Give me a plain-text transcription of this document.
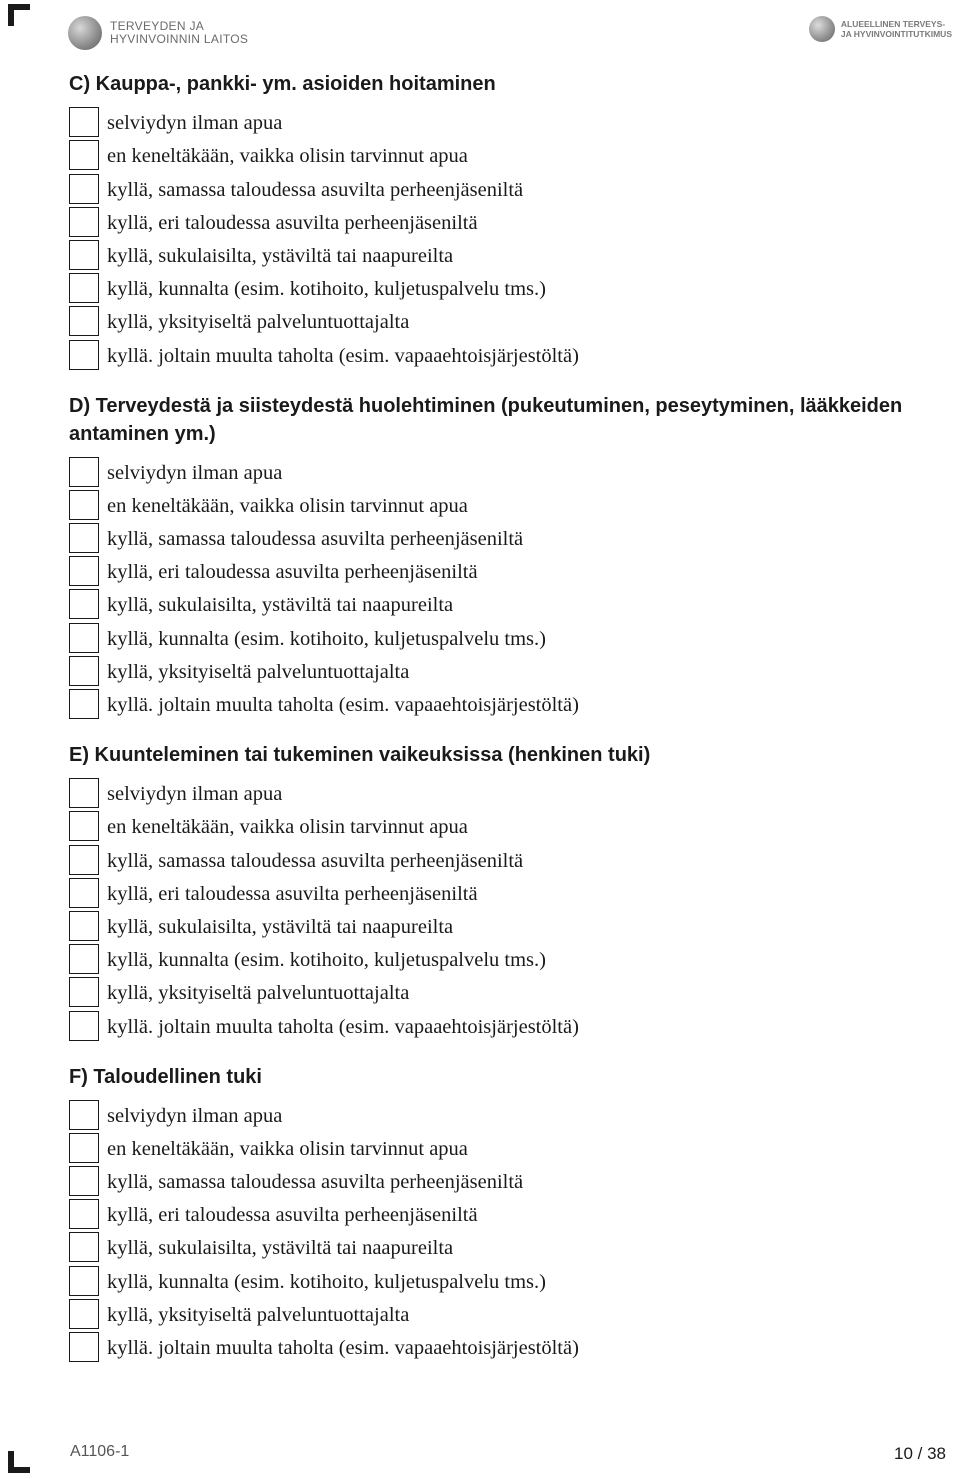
TERVEYDEN JA
HYVINVOINNIN LAITOS
ALUEELLINEN TERVEYS-
JA HYVINVOINTITUTKIMUS
C) Kauppa-, pankki- ym. asioiden hoitaminen
selviydyn ilman apua
en keneltäkään, vaikka olisin tarvinnut apua
kyllä, samassa taloudessa asuvilta perheenjäseniltä
kyllä, eri taloudessa asuvilta perheenjäseniltä
kyllä, sukulaisilta, ystäviltä tai naapureilta
kyllä, kunnalta (esim. kotihoito, kuljetuspalvelu tms.)
kyllä, yksityiseltä palveluntuottajalta
kyllä. joltain muulta taholta (esim. vapaaehtoisjärjestöltä)
D) Terveydestä ja siisteydestä huolehtiminen (pukeutuminen, peseytyminen, lääkkeiden antaminen ym.)
selviydyn ilman apua
en keneltäkään, vaikka olisin tarvinnut apua
kyllä, samassa taloudessa asuvilta perheenjäseniltä
kyllä, eri taloudessa asuvilta perheenjäseniltä
kyllä, sukulaisilta, ystäviltä tai naapureilta
kyllä, kunnalta (esim. kotihoito, kuljetuspalvelu tms.)
kyllä, yksityiseltä palveluntuottajalta
kyllä. joltain muulta taholta (esim. vapaaehtoisjärjestöltä)
E) Kuunteleminen tai tukeminen vaikeuksissa (henkinen tuki)
selviydyn ilman apua
en keneltäkään, vaikka olisin tarvinnut apua
kyllä, samassa taloudessa asuvilta perheenjäseniltä
kyllä, eri taloudessa asuvilta perheenjäseniltä
kyllä, sukulaisilta, ystäviltä tai naapureilta
kyllä, kunnalta (esim. kotihoito, kuljetuspalvelu tms.)
kyllä, yksityiseltä palveluntuottajalta
kyllä. joltain muulta taholta (esim. vapaaehtoisjärjestöltä)
F) Taloudellinen tuki
selviydyn ilman apua
en keneltäkään, vaikka olisin tarvinnut apua
kyllä, samassa taloudessa asuvilta perheenjäseniltä
kyllä, eri taloudessa asuvilta perheenjäseniltä
kyllä, sukulaisilta, ystäviltä tai naapureilta
kyllä, kunnalta (esim. kotihoito, kuljetuspalvelu tms.)
kyllä, yksityiseltä palveluntuottajalta
kyllä. joltain muulta taholta (esim. vapaaehtoisjärjestöltä)
A1106-1	10 / 38
